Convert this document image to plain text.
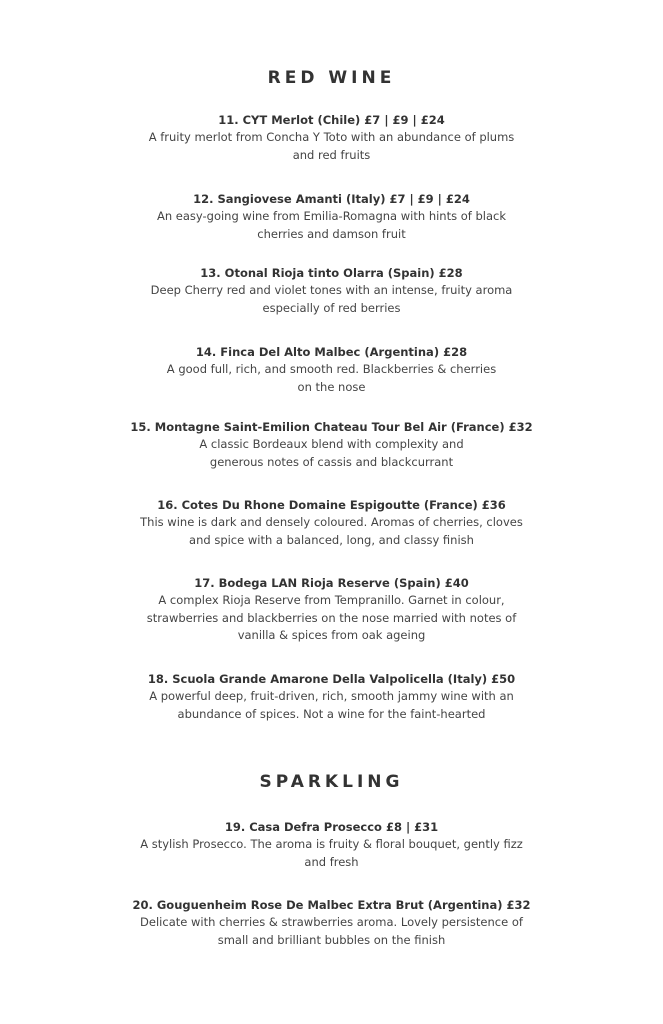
RED WINE

11. CYT Merlot (Chile) £7 | £9 | £24

A fruity merlot from Concha Y Toto with an abundance of plums
and red fruits

12. Sangiovese Amanti (Italy) £7 | £9 | £24

An easy-going wine from Emilia-Romagna with hints of black
cherries and damson fruit

13. Otonal Rioja tinto Olarra (Spain) £28

Deep Cherry red and violet tones with an intense, fruity aroma
especially of red berries

14. Finca Del Alto Malbec (Argentina) £28

A good full, rich, and smooth red. Blackberries & cherries
on the nose

15. Montagne Saint-Emilion Chateau Tour Bel Air (France) £32

A classic Bordeaux blend with complexity and
generous notes of cassis and blackcurrant

16. Cotes Du Rhone Domaine Espigoutte (France) £36

This wine is dark and densely coloured. Aromas of cherries, cloves
and spice with a balanced, long, and classy finish

17. Bodega LAN Rioja Reserve (Spain) £40

A complex Rioja Reserve from Tempranillo. Garnet in colour,
strawberries and blackberries on the nose married with notes of
vanilla & spices from oak ageing

18. Scuola Grande Amarone Della Valpolicella (Italy) £50

A powerful deep, fruit-driven, rich, smooth jammy wine with an
abundance of spices. Not a wine for the faint-hearted

SPARKLING

19. Casa Defra Prosecco £8 | £31

A stylish Prosecco. The aroma is fruity & floral bouquet, gently fizz
and fresh

20. Gouguenheim Rose De Malbec Extra Brut (Argentina) £32

Delicate with cherries & strawberries aroma. Lovely persistence of
small and brilliant bubbles on the finish
